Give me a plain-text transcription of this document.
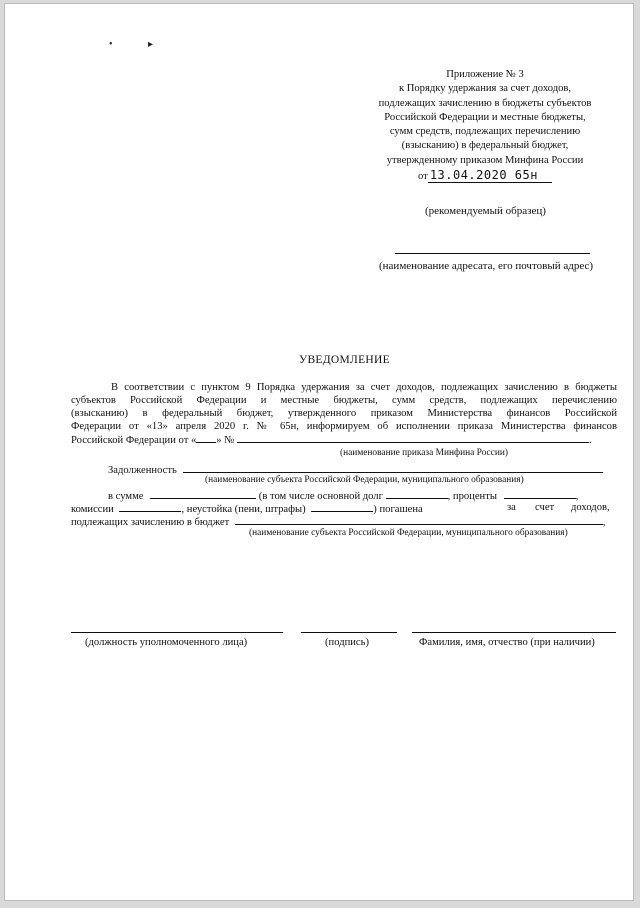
•	▸
Приложение № 3
к Порядку удержания за счет доходов,
подлежащих зачислению в бюджеты субъектов
Российской Федерации и местные бюджеты,
сумм средств, подлежащих перечислению
(взысканию) в федеральный бюджет,
утвержденному приказом Минфина России
от 13.04.2020 65н
(рекомендуемый образец)
(наименование адресата, его почтовый адрес)
УВЕДОМЛЕНИЕ

В соответствии с пунктом 9 Порядка удержания за счет доходов, подлежащих зачислению в бюджеты

субъектов Российской Федерации и местные бюджеты, сумм средств, подлежащих перечислению

(взысканию) в федеральный бюджет, утвержденного приказом Министерства финансов Российской

Федерации от «13» апреля 2020 г. № 65н, информируем об исполнении приказа Министерства финансов

Российской Федерации от « » №	.

(наименование приказа Минфина России)
Задолженность
(наименование субъекта Российской Федерации, муниципального образования)
в сумме	(в том числе основной долг	, проценты	,
комиссии	, неустойка (пени, штрафы)	) погашена	за счет доходов,
подлежащих зачислению в бюджет	,
(наименование субъекта Российской Федерации, муниципального образования)
(должность уполномоченного лица)	(подпись)	Фамилия, имя, отчество (при наличии)
